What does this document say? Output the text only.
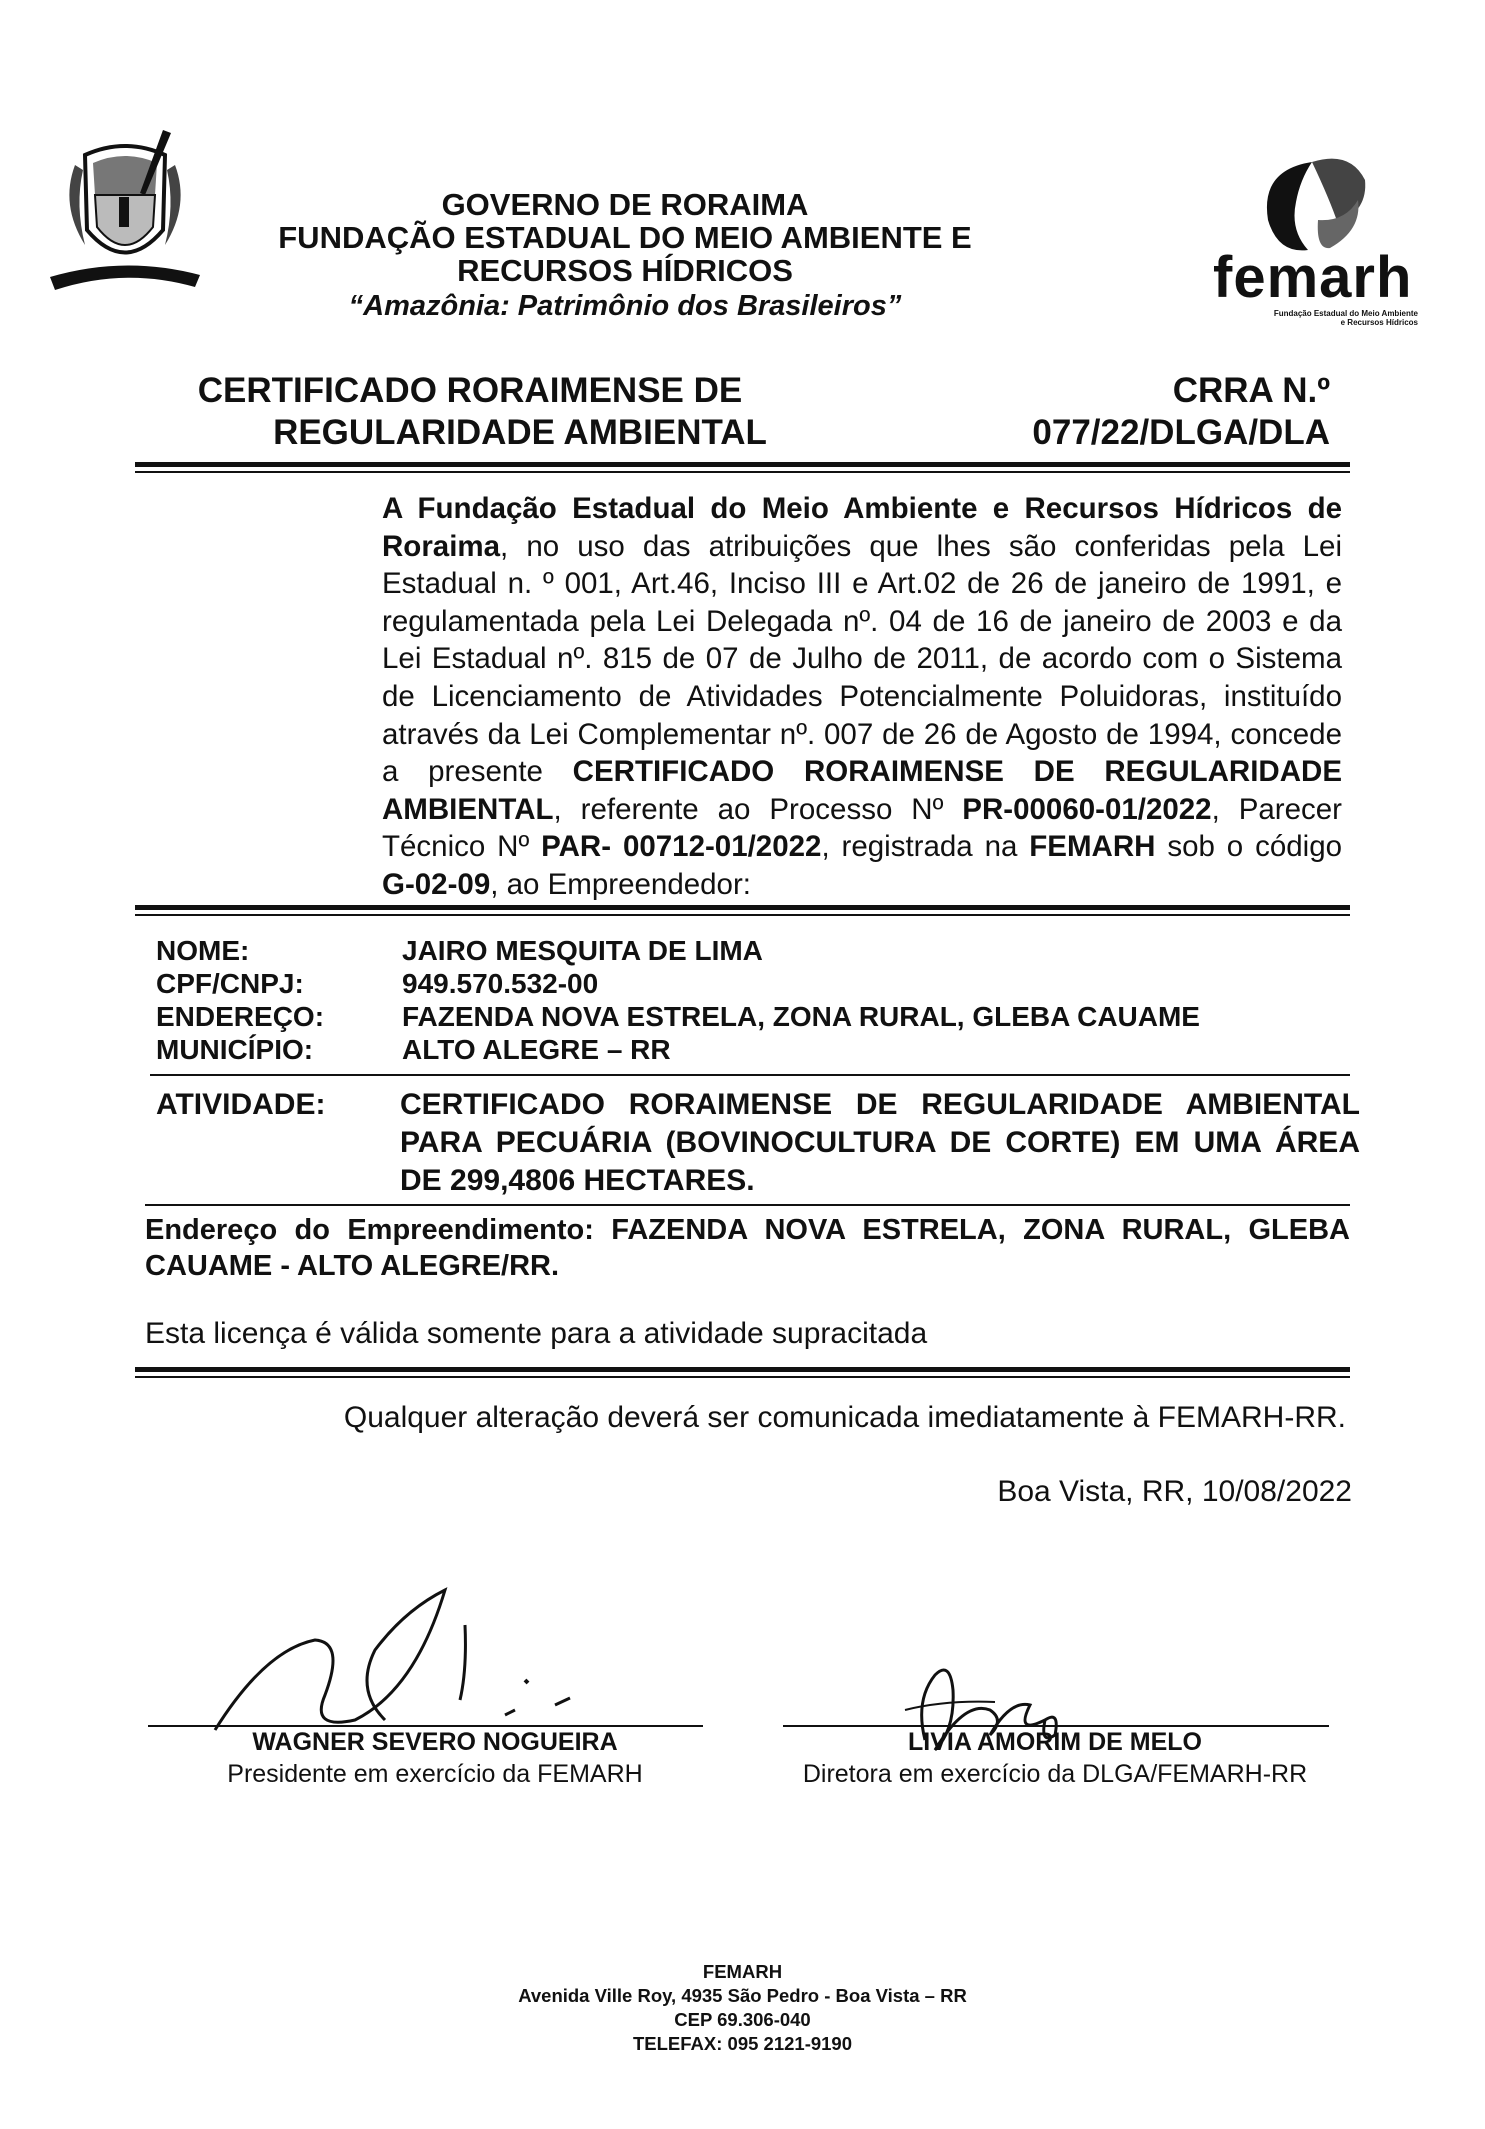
GOVERNO DE RORAIMA
FUNDAÇÃO ESTADUAL DO MEIO AMBIENTE E
RECURSOS HÍDRICOS
“Amazônia: Patrimônio dos Brasileiros”	femarh
Fundação Estadual do Meio Ambiente
e Recursos Hídricos
CERTIFICADO RORAIMENSE DE
REGULARIDADE AMBIENTAL
CRRA N.º
077/22/DLGA/DLA
A Fundação Estadual do Meio Ambiente e Recursos Hídricos de Roraima, no uso das atribuições que lhes são conferidas pela Lei Estadual n. º 001, Art.46, Inciso III e Art.02 de 26 de janeiro de 1991, e regulamentada pela Lei Delegada nº. 04 de 16 de janeiro de 2003 e da Lei Estadual nº. 815 de 07 de Julho de 2011, de acordo com o Sistema de Licenciamento de Atividades Potencialmente Poluidoras, instituído através da Lei Complementar nº. 007 de 26 de Agosto de 1994, concede a presente CERTIFICADO RORAIMENSE DE REGULARIDADE AMBIENTAL, referente ao Processo Nº PR-00060-01/2022, Parecer Técnico Nº PAR- 00712-01/2022, registrada na FEMARH sob o código G-02-09, ao Empreendedor:
NOME:	JAIRO MESQUITA DE LIMA
CPF/CNPJ:	949.570.532-00
ENDEREÇO:	FAZENDA NOVA ESTRELA, ZONA RURAL, GLEBA CAUAME
MUNICÍPIO:	ALTO ALEGRE – RR
ATIVIDADE: CERTIFICADO RORAIMENSE DE REGULARIDADE AMBIENTAL PARA PECUÁRIA (BOVINOCULTURA DE CORTE) EM UMA ÁREA DE 299,4806 HECTARES.
Endereço do Empreendimento: FAZENDA NOVA ESTRELA, ZONA RURAL, GLEBA CAUAME - ALTO ALEGRE/RR.
Esta licença é válida somente para a atividade supracitada
Qualquer alteração deverá ser comunicada imediatamente à FEMARH-RR.
Boa Vista, RR, 10/08/2022
WAGNER SEVERO NOGUEIRA
Presidente em exercício da FEMARH
LIVIA AMORIM DE MELO
Diretora em exercício da DLGA/FEMARH-RR
FEMARH
Avenida Ville Roy, 4935 São Pedro - Boa Vista – RR
CEP 69.306-040
TELEFAX: 095 2121-9190
